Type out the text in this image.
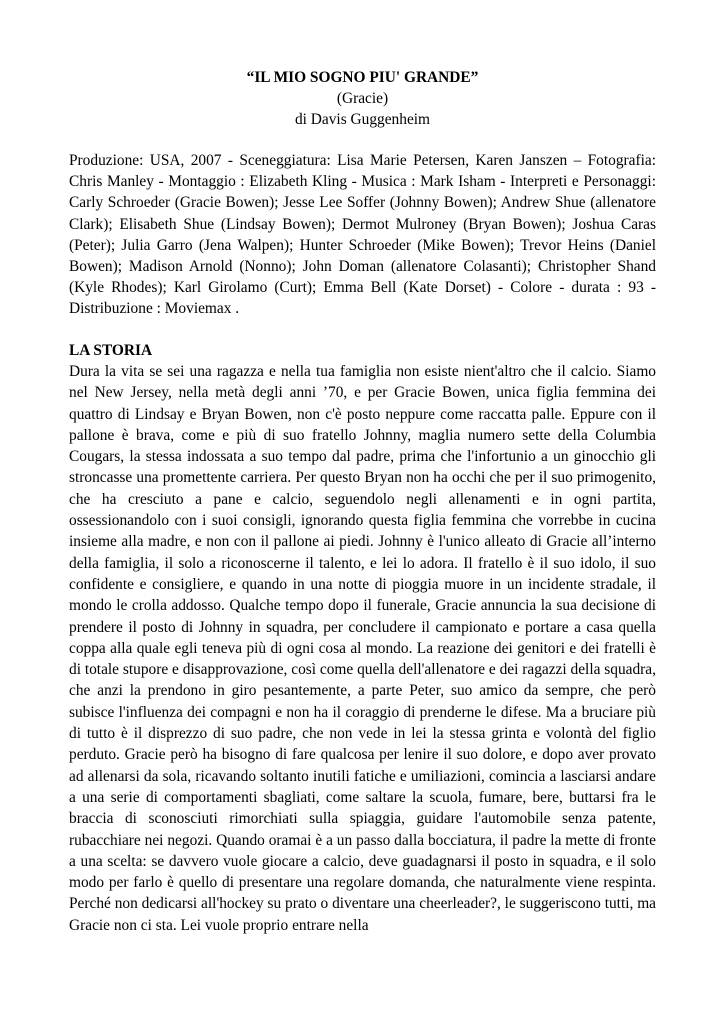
“IL MIO SOGNO PIU' GRANDE”
(Gracie)
di Davis Guggenheim

Produzione: USA, 2007 - Sceneggiatura: Lisa Marie Petersen, Karen Janszen – Fotografia: Chris Manley - Montaggio : Elizabeth Kling - Musica : Mark Isham - Interpreti e Personaggi: Carly Schroeder (Gracie Bowen); Jesse Lee Soffer (Johnny Bowen); Andrew Shue (allenatore Clark); Elisabeth Shue (Lindsay Bowen); Dermot Mulroney (Bryan Bowen); Joshua Caras (Peter); Julia Garro (Jena Walpen); Hunter Schroeder (Mike Bowen); Trevor Heins (Daniel Bowen); Madison Arnold (Nonno); John Doman (allenatore Colasanti); Christopher Shand (Kyle Rhodes); Karl Girolamo (Curt); Emma Bell (Kate Dorset) - Colore - durata : 93 - Distribuzione : Moviemax .

LA STORIA

Dura la vita se sei una ragazza e nella tua famiglia non esiste nient'altro che il calcio. Siamo nel New Jersey, nella metà degli anni ’70, e per Gracie Bowen, unica figlia femmina dei quattro di Lindsay e Bryan Bowen, non c'è posto neppure come raccatta palle. Eppure con il pallone è brava, come e più di suo fratello Johnny, maglia numero sette della Columbia Cougars, la stessa indossata a suo tempo dal padre, prima che l'infortunio a un ginocchio gli stroncasse una promettente carriera. Per questo Bryan non ha occhi che per il suo primogenito, che ha cresciuto a pane e calcio, seguendolo negli allenamenti e in ogni partita, ossessionandolo con i suoi consigli, ignorando questa figlia femmina che vorrebbe in cucina insieme alla madre, e non con il pallone ai piedi. Johnny è l'unico alleato di Gracie all’interno della famiglia, il solo a riconoscerne il talento, e lei lo adora. Il fratello è il suo idolo, il suo confidente e consigliere, e quando in una notte di pioggia muore in un incidente stradale, il mondo le crolla addosso. Qualche tempo dopo il funerale, Gracie annuncia la sua decisione di prendere il posto di Johnny in squadra, per concludere il campionato e portare a casa quella coppa alla quale egli teneva più di ogni cosa al mondo. La reazione dei genitori e dei fratelli è di totale stupore e disapprovazione, così come quella dell'allenatore e dei ragazzi della squadra, che anzi la prendono in giro pesantemente, a parte Peter, suo amico da sempre, che però subisce l'influenza dei compagni e non ha il coraggio di prenderne le difese. Ma a bruciare più di tutto è il disprezzo di suo padre, che non vede in lei la stessa grinta e volontà del figlio perduto. Gracie però ha bisogno di fare qualcosa per lenire il suo dolore, e dopo aver provato ad allenarsi da sola, ricavando soltanto inutili fatiche e umiliazioni, comincia a lasciarsi andare a una serie di comportamenti sbagliati, come saltare la scuola, fumare, bere, buttarsi fra le braccia di sconosciuti rimorchiati sulla spiaggia, guidare l'automobile senza patente, rubacchiare nei negozi. Quando oramai è a un passo dalla bocciatura, il padre la mette di fronte a una scelta: se davvero vuole giocare a calcio, deve guadagnarsi il posto in squadra, e il solo modo per farlo è quello di presentare una regolare domanda, che naturalmente viene respinta. Perché non dedicarsi all'hockey su prato o diventare una cheerleader?, le suggeriscono tutti, ma Gracie non ci sta. Lei vuole proprio entrare nella
